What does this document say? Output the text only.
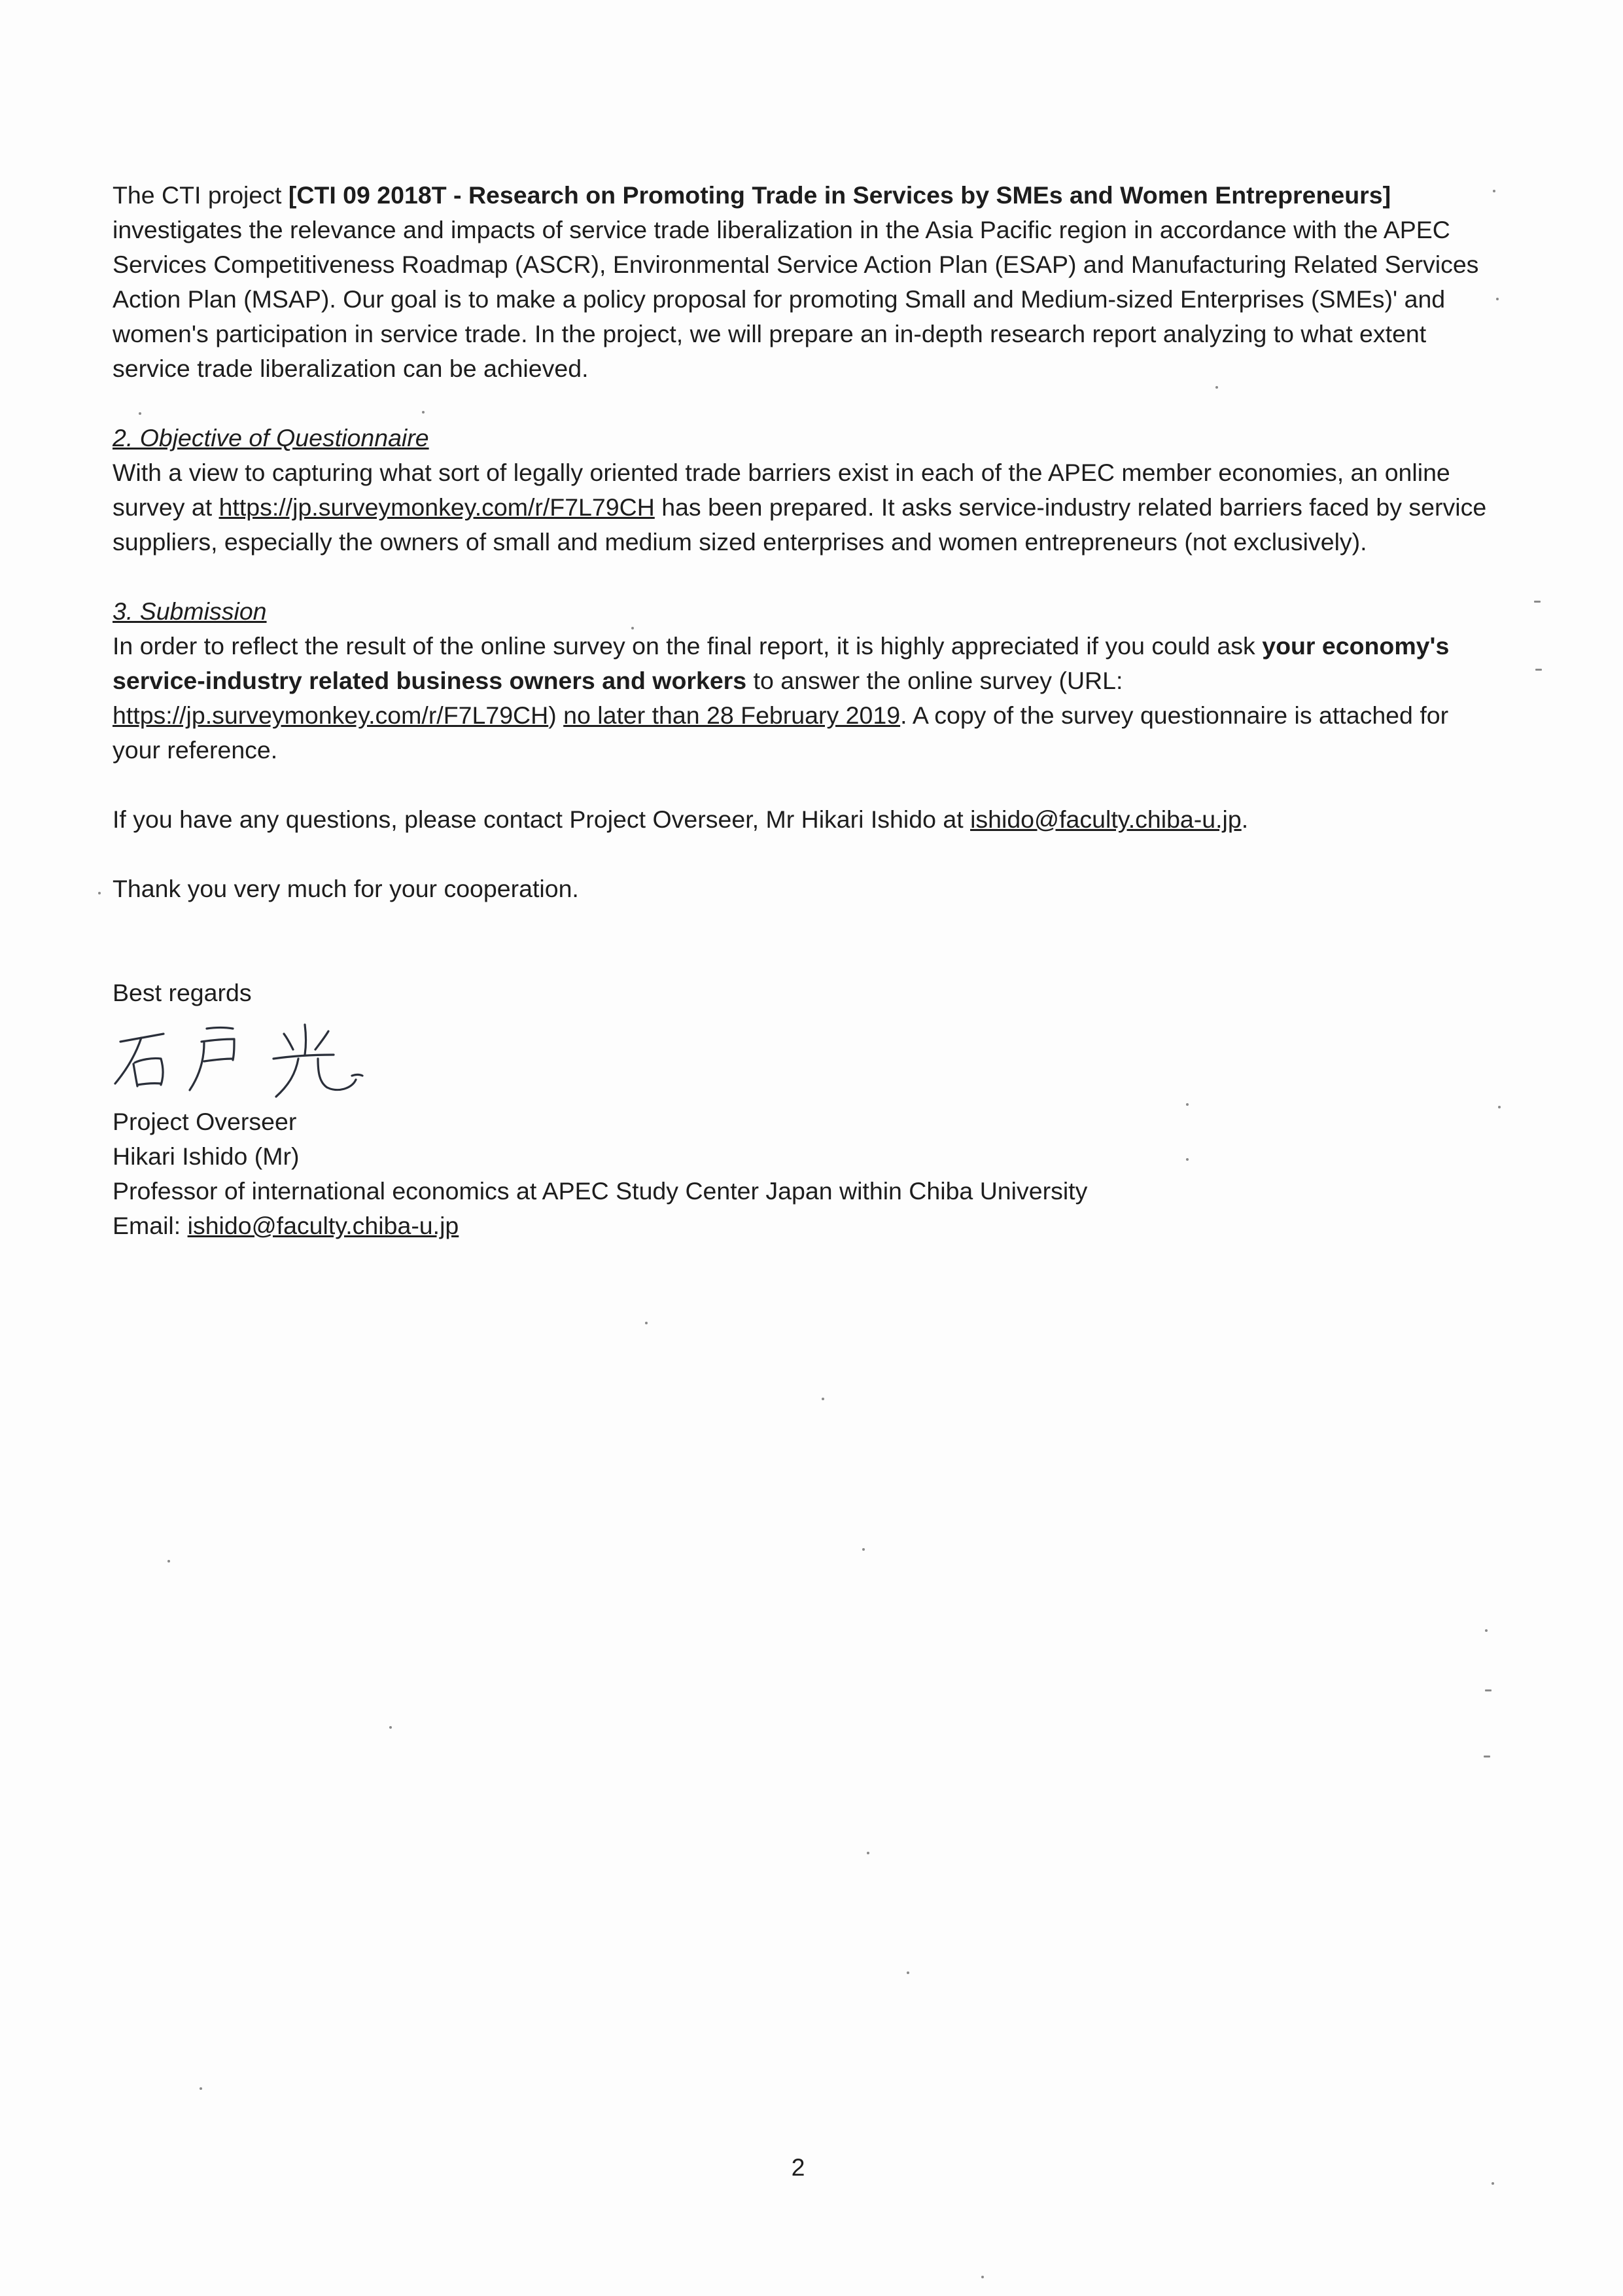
The CTI project [CTI 09 2018T - Research on Promoting Trade in Services by SMEs and Women Entrepreneurs] investigates the relevance and impacts of service trade liberalization in the Asia Pacific region in accordance with the APEC Services Competitiveness Roadmap (ASCR), Environmental Service Action Plan (ESAP) and Manufacturing Related Services Action Plan (MSAP). Our goal is to make a policy proposal for promoting Small and Medium-sized Enterprises (SMEs)' and women's participation in service trade. In the project, we will prepare an in-depth research report analyzing to what extent service trade liberalization can be achieved.

2. Objective of Questionnaire

With a view to capturing what sort of legally oriented trade barriers exist in each of the APEC member economies, an online survey at https://jp.surveymonkey.com/r/F7L79CH has been prepared. It asks service-industry related barriers faced by service suppliers, especially the owners of small and medium sized enterprises and women entrepreneurs (not exclusively).

3. Submission

In order to reflect the result of the online survey on the final report, it is highly appreciated if you could ask your economy's service-industry related business owners and workers to answer the online survey (URL: https://jp.surveymonkey.com/r/F7L79CH) no later than 28 February 2019. A copy of the survey questionnaire is attached for your reference.

If you have any questions, please contact Project Overseer, Mr Hikari Ishido at ishido@faculty.chiba-u.jp.

Thank you very much for your cooperation.

Best regards

Project Overseer
Hikari Ishido (Mr)
Professor of international economics at APEC Study Center Japan within Chiba University
Email: ishido@faculty.chiba-u.jp
2
